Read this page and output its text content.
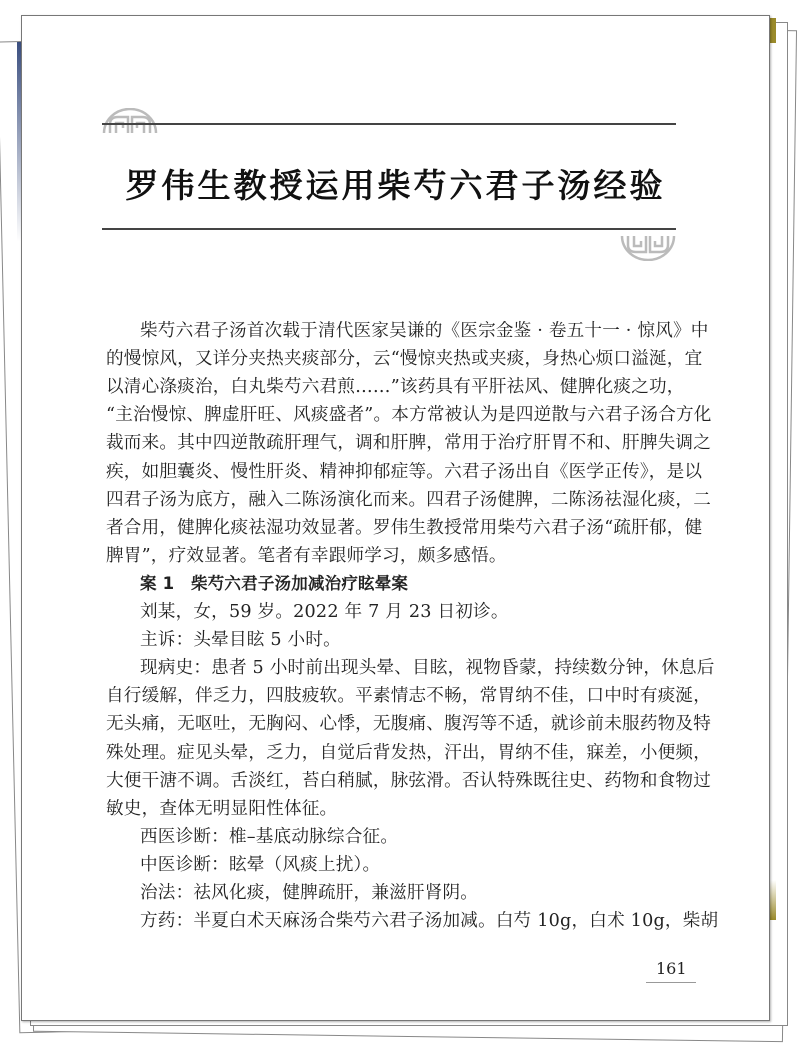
罗伟生教授运用柴芍六君子汤经验
柴芍六君子汤首次载于清代医家吴谦的《医宗金鉴 · 卷五十一 · 惊风》中
的慢惊风，又详分夹热夹痰部分，云“慢惊夹热或夹痰，身热心烦口溢涎，宜
以清心涤痰治，白丸柴芍六君煎……”该药具有平肝祛风、健脾化痰之功，
“主治慢惊、脾虚肝旺、风痰盛者”。本方常被认为是四逆散与六君子汤合方化
裁而来。其中四逆散疏肝理气，调和肝脾，常用于治疗肝胃不和、肝脾失调之
疾，如胆囊炎、慢性肝炎、精神抑郁症等。六君子汤出自《医学正传》，是以
四君子汤为底方，融入二陈汤演化而来。四君子汤健脾，二陈汤祛湿化痰，二
者合用，健脾化痰祛湿功效显著。罗伟生教授常用柴芍六君子汤“疏肝郁，健
脾胃”，疗效显著。笔者有幸跟师学习，颇多感悟。
案 1　柴芍六君子汤加减治疗眩晕案
刘某，女，59 岁。2022 年 7 月 23 日初诊。
主诉：头晕目眩 5 小时。
现病史：患者 5 小时前出现头晕、目眩，视物昏蒙，持续数分钟，休息后
自行缓解，伴乏力，四肢疲软。平素情志不畅，常胃纳不佳，口中时有痰涎，
无头痛，无呕吐，无胸闷、心悸，无腹痛、腹泻等不适，就诊前未服药物及特
殊处理。症见头晕，乏力，自觉后背发热，汗出，胃纳不佳，寐差，小便频，
大便干溏不调。舌淡红，苔白稍腻，脉弦滑。否认特殊既往史、药物和食物过
敏史，查体无明显阳性体征。
西医诊断：椎–基底动脉综合征。
中医诊断：眩晕（风痰上扰）。
治法：祛风化痰，健脾疏肝，兼滋肝肾阴。
方药：半夏白术天麻汤合柴芍六君子汤加减。白芍 10g，白术 10g，柴胡
161
